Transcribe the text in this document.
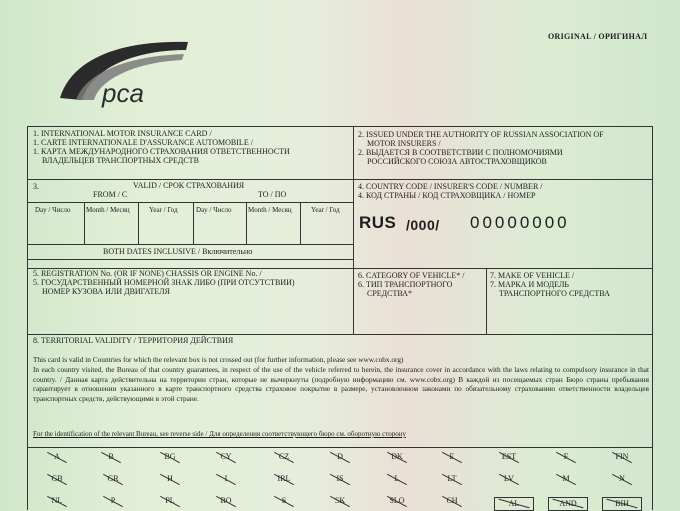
ORIGINAL / ОРИГИНАЛ
рса
1. INTERNATIONAL MOTOR INSURANCE CARD /
1. CARTE INTERNATIONALE D'ASSURANCE AUTOMOBILE /
1. КАРТА МЕЖДУНАРОДНОГО СТРАХОВАНИЯ ОТВЕТСТВЕННОСТИ
ВЛАДЕЛЬЦЕВ ТРАНСПОРТНЫХ СРЕДСТВ
2. ISSUED UNDER THE AUTHORITY OF RUSSIAN ASSOCIATION OF
MOTOR INSURERS /
2. ВЫДАЕТСЯ В СООТВЕТСТВИИ С ПОЛНОМОЧИЯМИ
РОССИЙСКОГО СОЮЗА АВТОСТРАХОВЩИКОВ
3.	VALID / СРОК СТРАХОВАНИЯ
FROM / С	TO / ПО
Day / Число Month / Месяц	Year / Год	Day / Число Month / Месяц	Year / Год
BOTH DATES INCLUSIVE / Включительно
4. COUNTRY CODE / INSURER'S CODE / NUMBER /
4. КОД СТРАНЫ / КОД СТРАХОВЩИКА / НОМЕР
RUS /000/ 00000000
5. REGISTRATION No. (OR IF NONE) CHASSIS OR ENGINE No. /
5. ГОСУДАРСТВЕННЫЙ НОМЕРНОЙ ЗНАК ЛИБО (ПРИ ОТСУТСТВИИ)
НОМЕР КУЗОВА ИЛИ ДВИГАТЕЛЯ
6. CATEGORY OF VEHICLE* /
6. ТИП ТРАНСПОРТНОГО
СРЕДСТВА*
7. MAKE OF VEHICLE /
7. МАРКА И МОДЕЛЬ
ТРАНСПОРТНОГО СРЕДСТВА
8. TERRITORIAL VALIDITY / ТЕРРИТОРИЯ ДЕЙСТВИЯ
This card is valid in Countries for which the relevant box is not crossed out (for further information, please see www.cobx.org)
In each country visited, the Bureau of that country guarantees, in respect of the use of the vehicle referred to herein, the insurance cover in accordance with the laws relating to compulsory insurance in that country. / Данная карта действительна на территории стран, которые не вычеркнуты (подробную информацию см. www.cobx.org) В каждой из посещаемых стран Бюро страны пребывания гарантирует в отношении указанного в карте транспортного средства страховое покрытие в размере, установленном законами по обязательному страхованию ответственности владельцев транспортных средств, действующими в этой стране.
For the identification of the relevant Bureau, see reverse side / Для определения соответствующего бюро см. оборотную сторону
A	B	BG	CY	CZ	D	DK	E	EST	F	FIN
GB	GR	H	I	IRL	IS	L	LT	LV	M	N
NL	P	PL	RO	S	SK	SLO	CH	AL	AND	BIH
